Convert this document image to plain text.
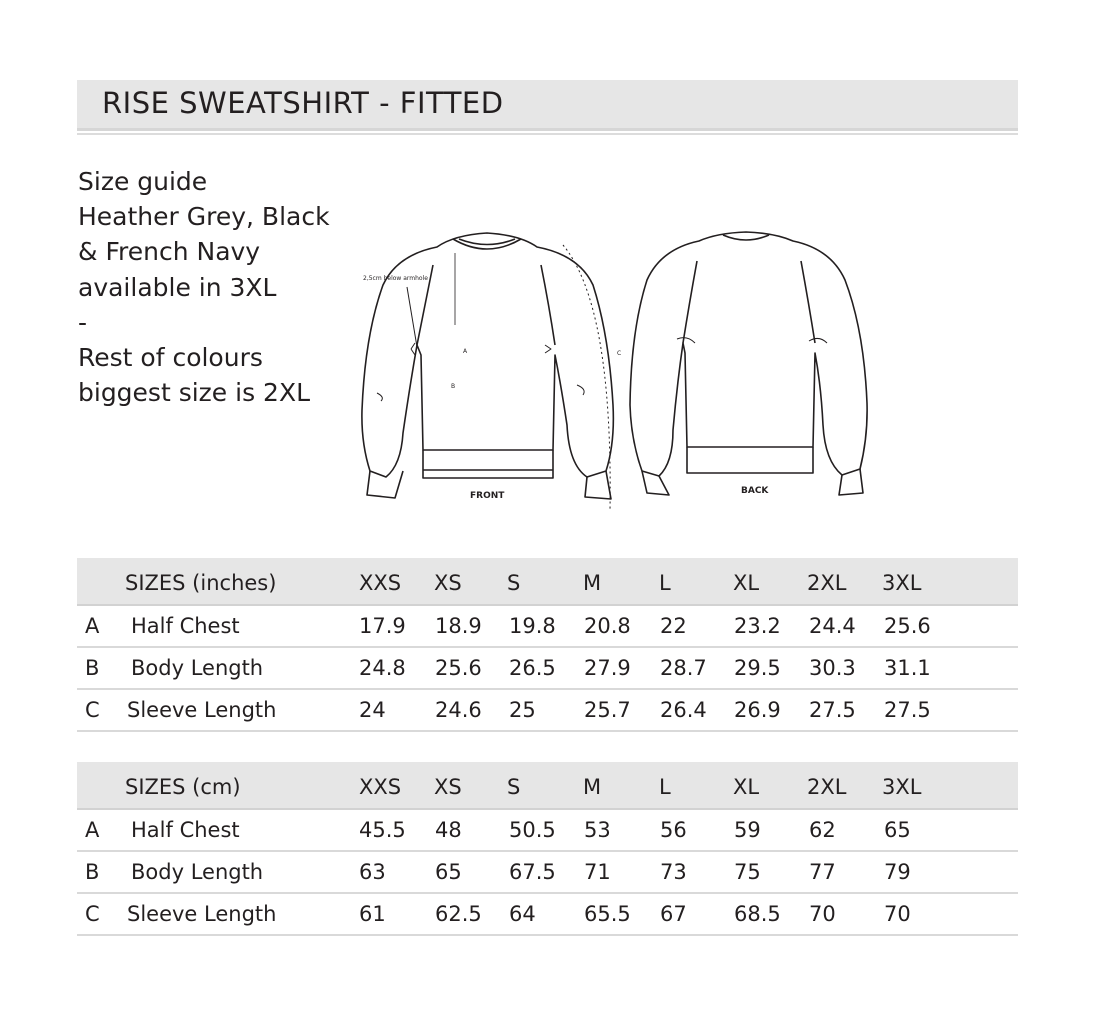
RISE SWEATSHIRT - FITTED
Size guide
Heather Grey, Black
& French Navy
available in 3XL
-
Rest of colours
biggest size is 2XL
2,5cm below armhole
A
B
C
FRONT	BACK
SIZES (inches)	XXS XS S	M	L	XL 2XL 3XL
A Half Chest	17.9 18.9 19.8 20.8 22 23.2 24.4 25.6
B Body Length	24.8 25.6 26.5 27.9 28.7 29.5 30.3 31.1
C Sleeve Length	24 24.6 25 25.7 26.4 26.9 27.5 27.5
SIZES (cm)	XXS XS S	M	L	XL 2XL 3XL
A Half Chest	45.5 48 50.5 53 56 59 62 65
B Body Length	63 65 67.5 71 73 75 77 79
C Sleeve Length	61 62.5 64 65.5 67 68.5 70 70
